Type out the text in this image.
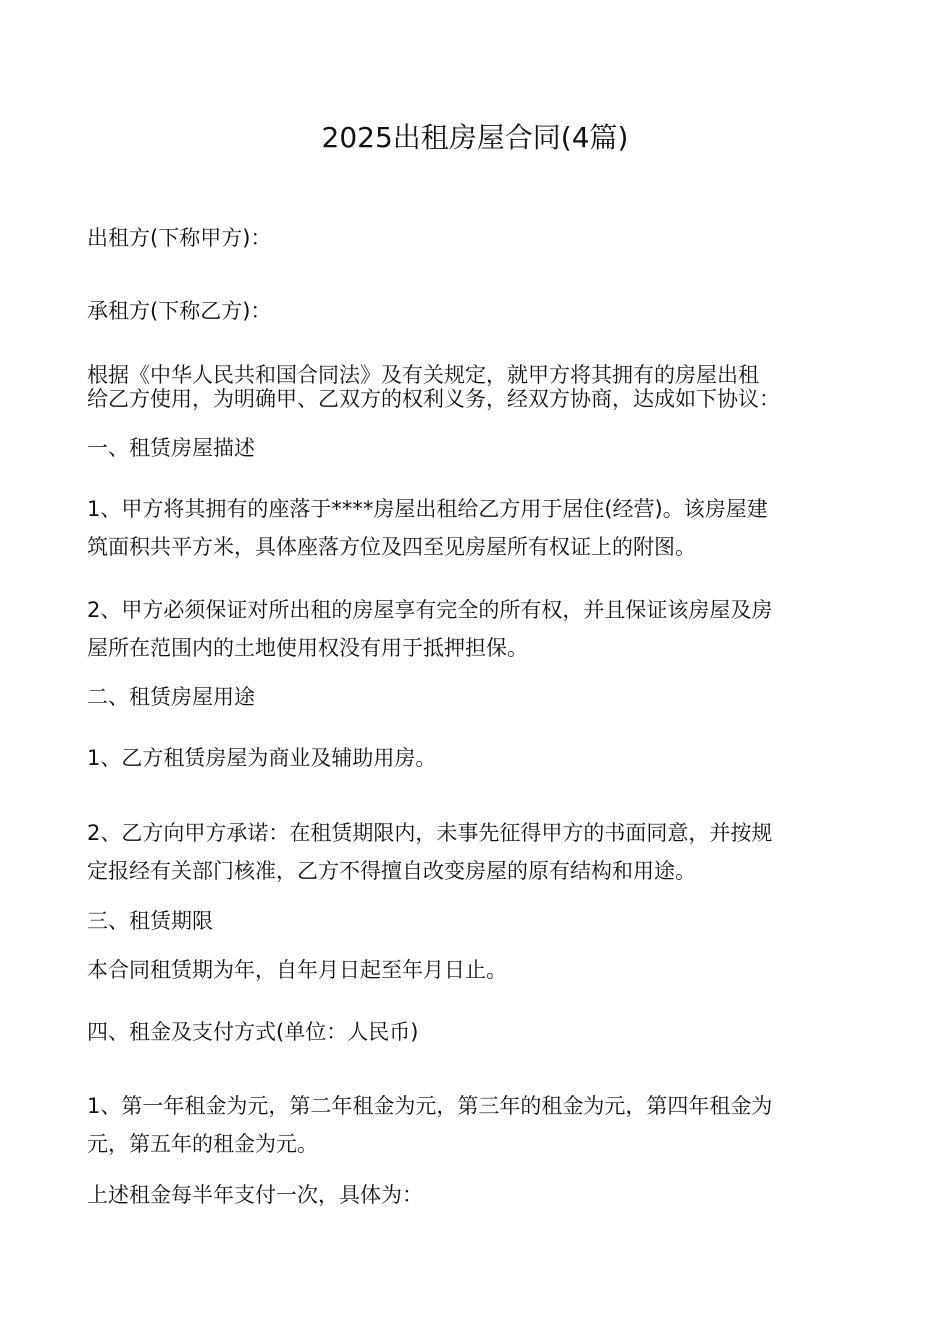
2025出租房屋合同(4篇)

出租方(下称甲方)：

承租方(下称乙方)：

根据《中华人民共和国合同法》及有关规定，就甲方将其拥有的房屋出租
给乙方使用，为明确甲、乙双方的权利义务，经双方协商，达成如下协议：

一、租赁房屋描述

1、甲方将其拥有的座落于****房屋出租给乙方用于居住(经营)。该房屋建
筑面积共平方米，具体座落方位及四至见房屋所有权证上的附图。
2、甲方必须保证对所出租的房屋享有完全的所有权，并且保证该房屋及房
屋所在范围内的土地使用权没有用于抵押担保。

二、租赁房屋用途

1、乙方租赁房屋为商业及辅助用房。

2、乙方向甲方承诺：在租赁期限内，未事先征得甲方的书面同意，并按规
定报经有关部门核准，乙方不得擅自改变房屋的原有结构和用途。

三、租赁期限

本合同租赁期为年，自年月日起至年月日止。

四、租金及支付方式(单位：人民币)

1、第一年租金为元，第二年租金为元，第三年的租金为元，第四年租金为
元，第五年的租金为元。

上述租金每半年支付一次，具体为：
